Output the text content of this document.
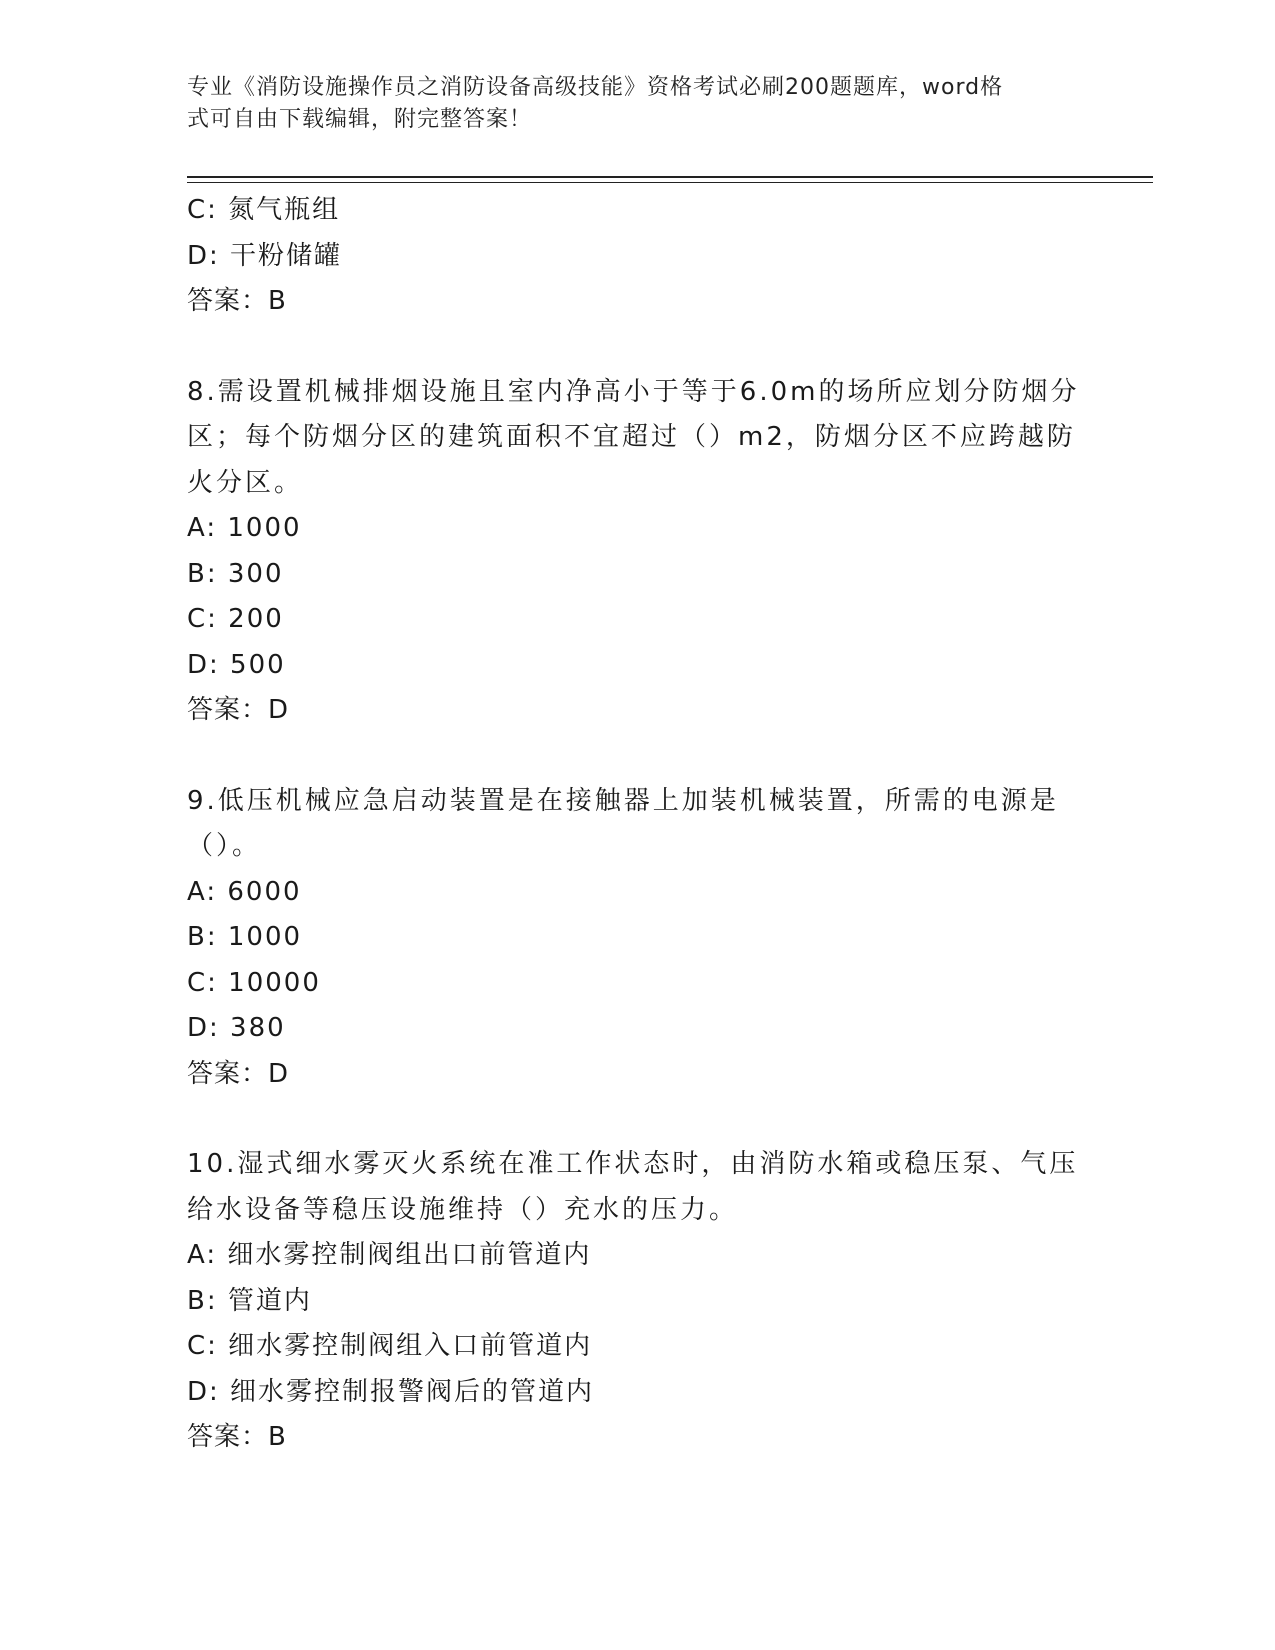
专业《消防设施操作员之消防设备高级技能》资格考试必刷200题题库，word格
式可自由下载编辑，附完整答案！
C: 氮气瓶组
D: 干粉储罐
答案：B
8.需设置机械排烟设施且室内净高小于等于6.0m的场所应划分防烟分
区；每个防烟分区的建筑面积不宜超过（）m2，防烟分区不应跨越防
火分区。
A: 1000
B: 300
C: 200
D: 500
答案：D
9.低压机械应急启动装置是在接触器上加装机械装置，所需的电源是
（）。
A: 6000
B: 1000
C: 10000
D: 380
答案：D
10.湿式细水雾灭火系统在准工作状态时，由消防水箱或稳压泵、气压
给水设备等稳压设施维持（）充水的压力。
A: 细水雾控制阀组出口前管道内
B: 管道内
C: 细水雾控制阀组入口前管道内
D: 细水雾控制报警阀后的管道内
答案：B
